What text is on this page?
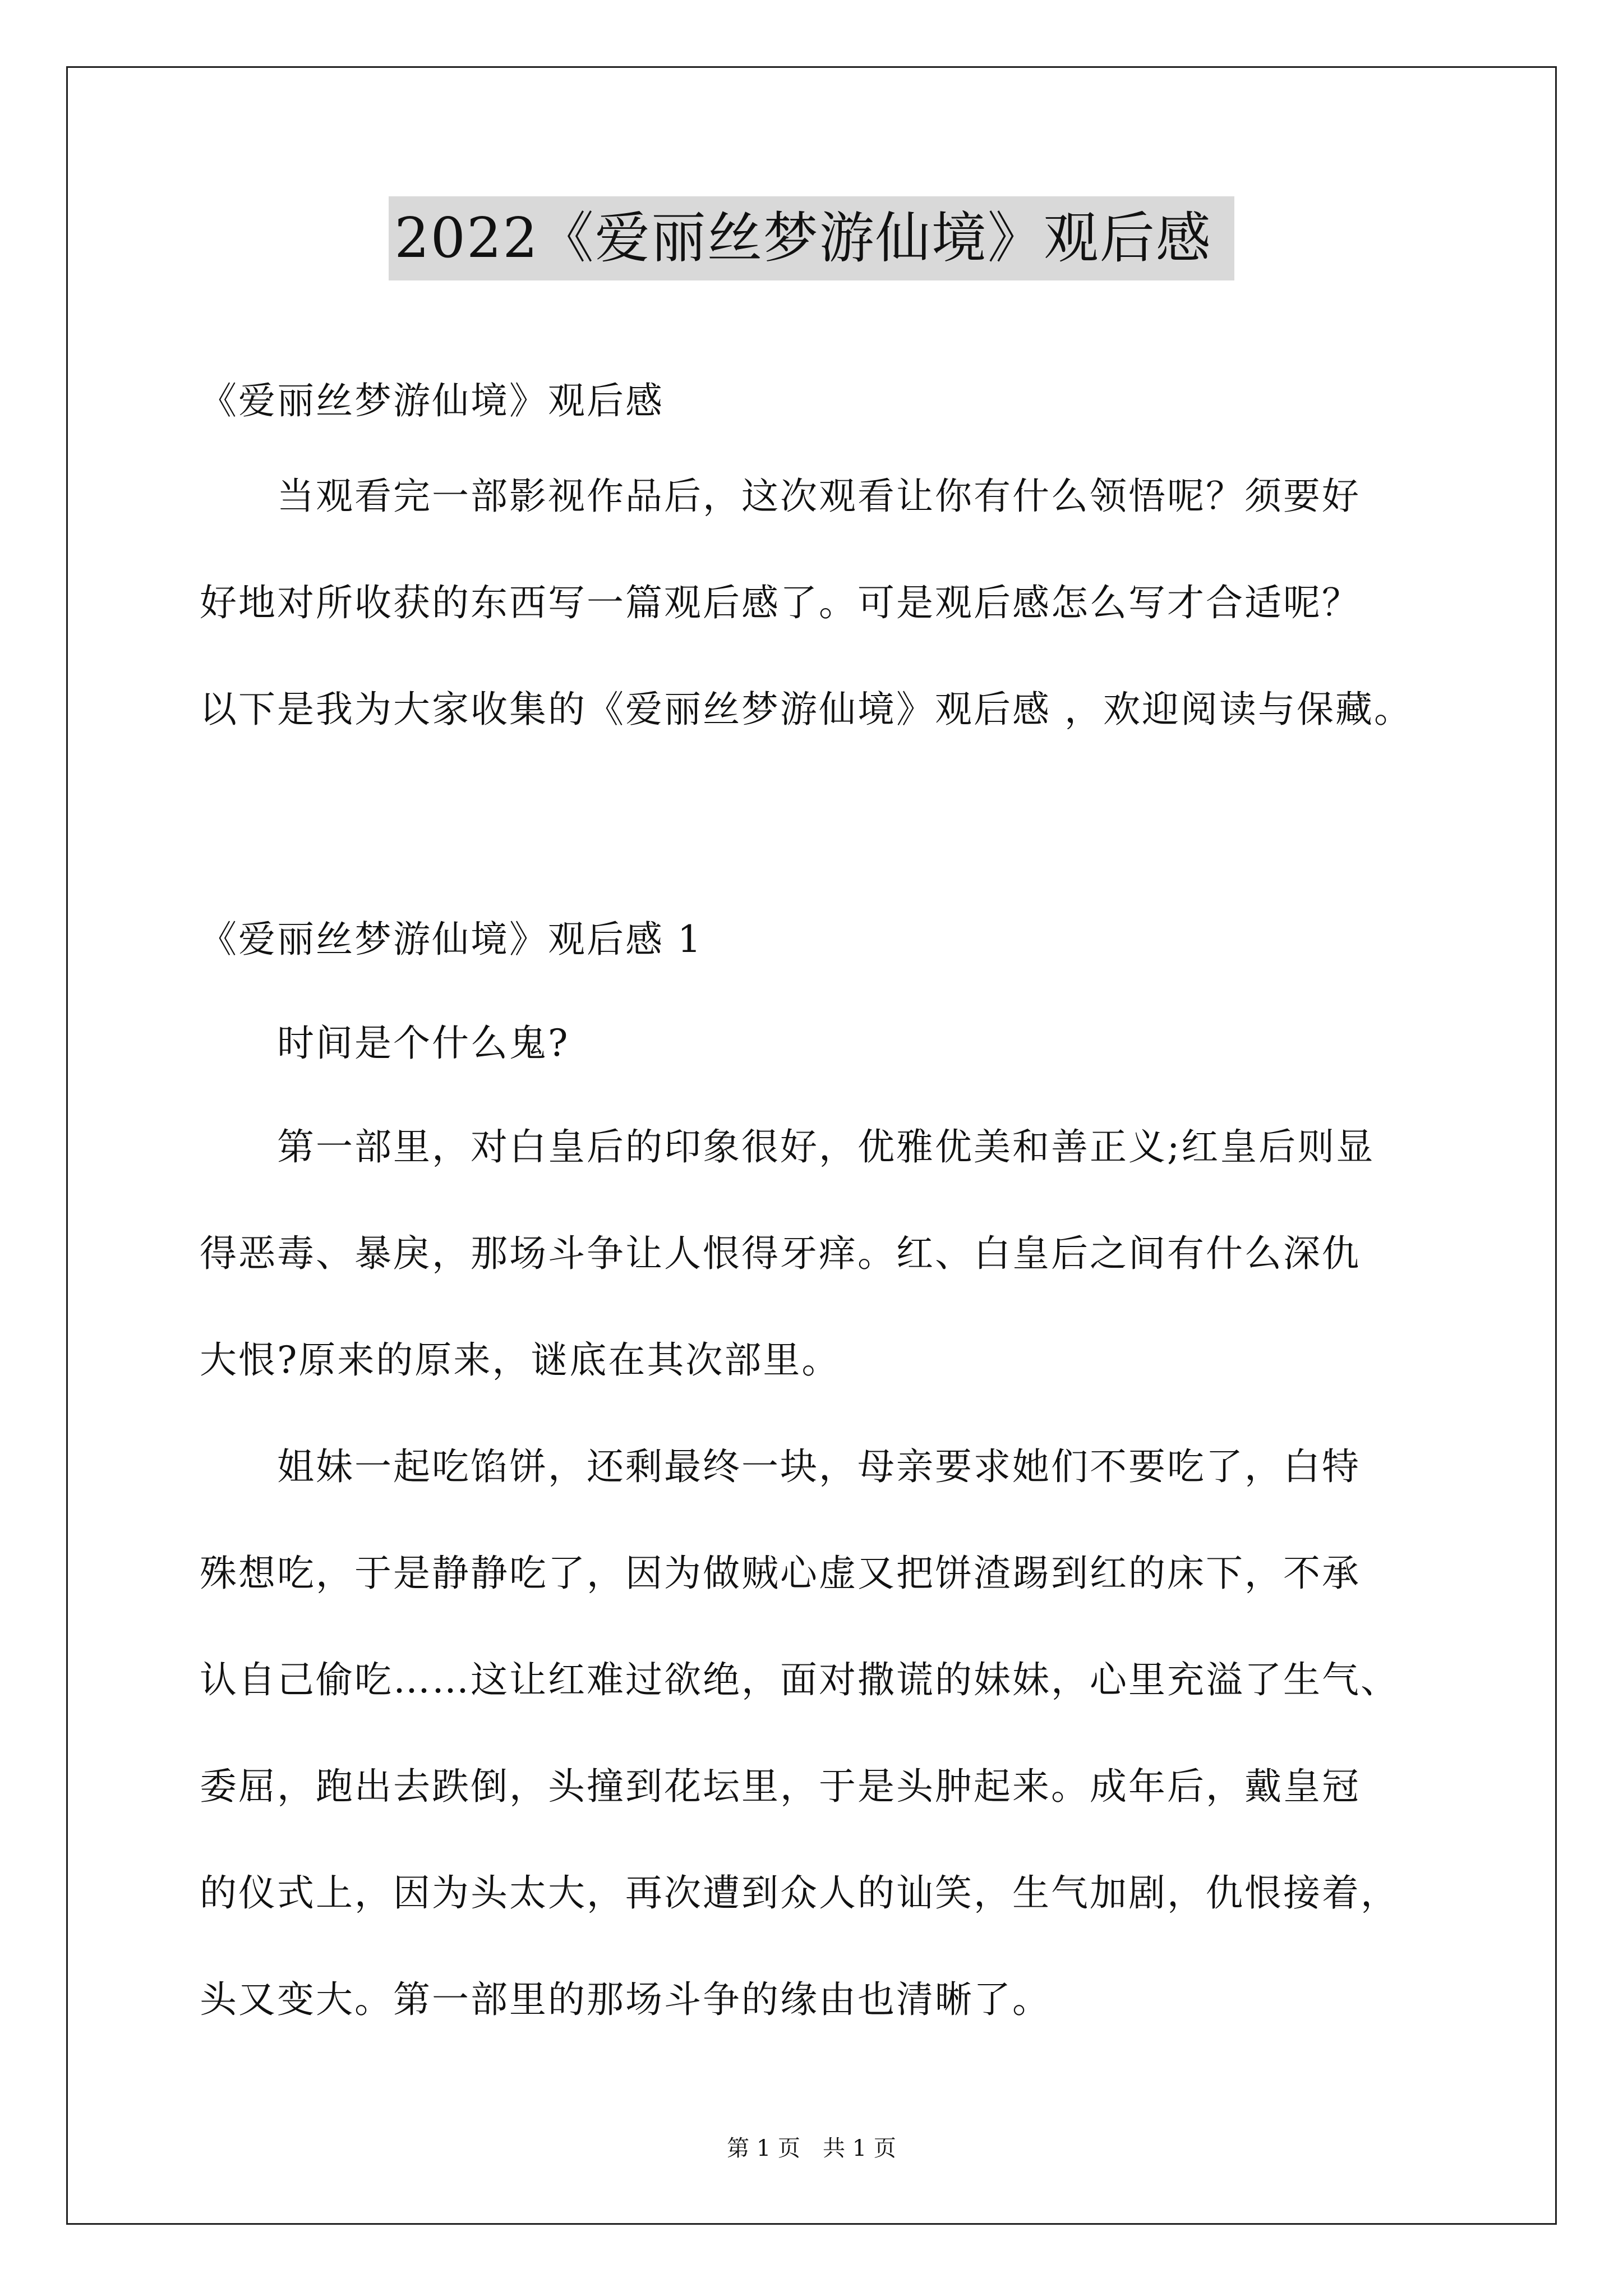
2022《爱丽丝梦游仙境》观后感

《爱丽丝梦游仙境》观后感

　　当观看完一部影视作品后，这次观看让你有什么领悟呢？须要好
好地对所收获的东西写一篇观后感了。可是观后感怎么写才合适呢？
以下是我为大家收集的《爱丽丝梦游仙境》观后感 ，欢迎阅读与保藏。

《爱丽丝梦游仙境》观后感 1

　　时间是个什么鬼?

　　第一部里，对白皇后的印象很好，优雅优美和善正义;红皇后则显
得恶毒、暴戾，那场斗争让人恨得牙痒。红、白皇后之间有什么深仇
大恨?原来的原来，谜底在其次部里。

　　姐妹一起吃馅饼，还剩最终一块，母亲要求她们不要吃了，白特
殊想吃，于是静静吃了，因为做贼心虚又把饼渣踢到红的床下，不承
认自己偷吃……这让红难过欲绝，面对撒谎的妹妹，心里充溢了生气、
委屈，跑出去跌倒，头撞到花坛里，于是头肿起来。成年后，戴皇冠
的仪式上，因为头太大，再次遭到众人的讪笑，生气加剧，仇恨接着，
头又变大。第一部里的那场斗争的缘由也清晰了。

第 1 页　共 1 页
